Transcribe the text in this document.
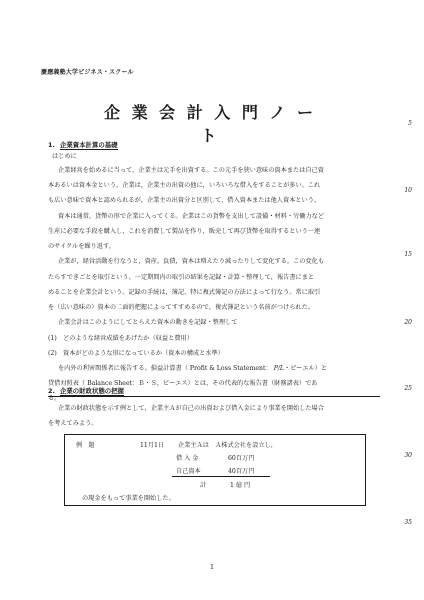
慶應義塾大学ビジネス・スクール
企 業 会 計 入 門 ノ ー ト
5
10
15
20
25
30
35
1. 企業資本計算の基礎
はじめに
企業経営を始めるに当って，企業主は元手を出資する。この元手を狭い意味の資本または自己資
本あるいは資本金という。企業は，企業主の出資の他に，いろいろな借入をすることが多い。これ
も広い意味で資本と認められるが，企業主の出資分と区別して，借入資本または他人資本という。
資本は通常，貨幣の形で企業に入ってくる。企業はこの貨幣を支出して設備・材料・労働力など
生産に必要な手段を購入し，これを消費して製品を作り，販売して再び貨幣を取得するという一連
のサイクルを繰り返す。
企業が，経営活動を行なうと，資産，負債，資本は増えたり減ったりして変化する。この変化も
たらすできごとを取引という。一定期間内の取引の結果を記録・計算・整理して，報告書にまと
めることを企業会計という。記録の手続は，簿記，特に複式簿記の方法によって行なう。常に取引
を（広い意味の）資本の二面的把握によってすすめるので，複式簿記という名前がつけられた。
企業会計はこのようにしてとらえた資本の動きを記録・整理して
(1)　どのような経営成績をあげたか（収益と費用）
(2)　資本がどのような形になっているか（資本の構成と水準）
を内外の利害関係者に報告する。損益計算書（ Profit & Loss Statement： P/L・ピーエル）と
貸借対照表（ Balance Sheet：Ｂ・Ｓ，ビーエス）とは，その代表的な報告書（財務諸表）であ
る。
2. 企業の財政状態の把握
企業の財政状態を示す例として，企業主Ａが自己の出資および借入金により事業を開始した場合
を考えてみよう。
例　題	11月1日 企業主Ａは　Ａ株式会社を設立し，
借 入 金	60百万円
自己資本	40百万円
計	1 億 円
の現金をもって事業を開始した。
1
